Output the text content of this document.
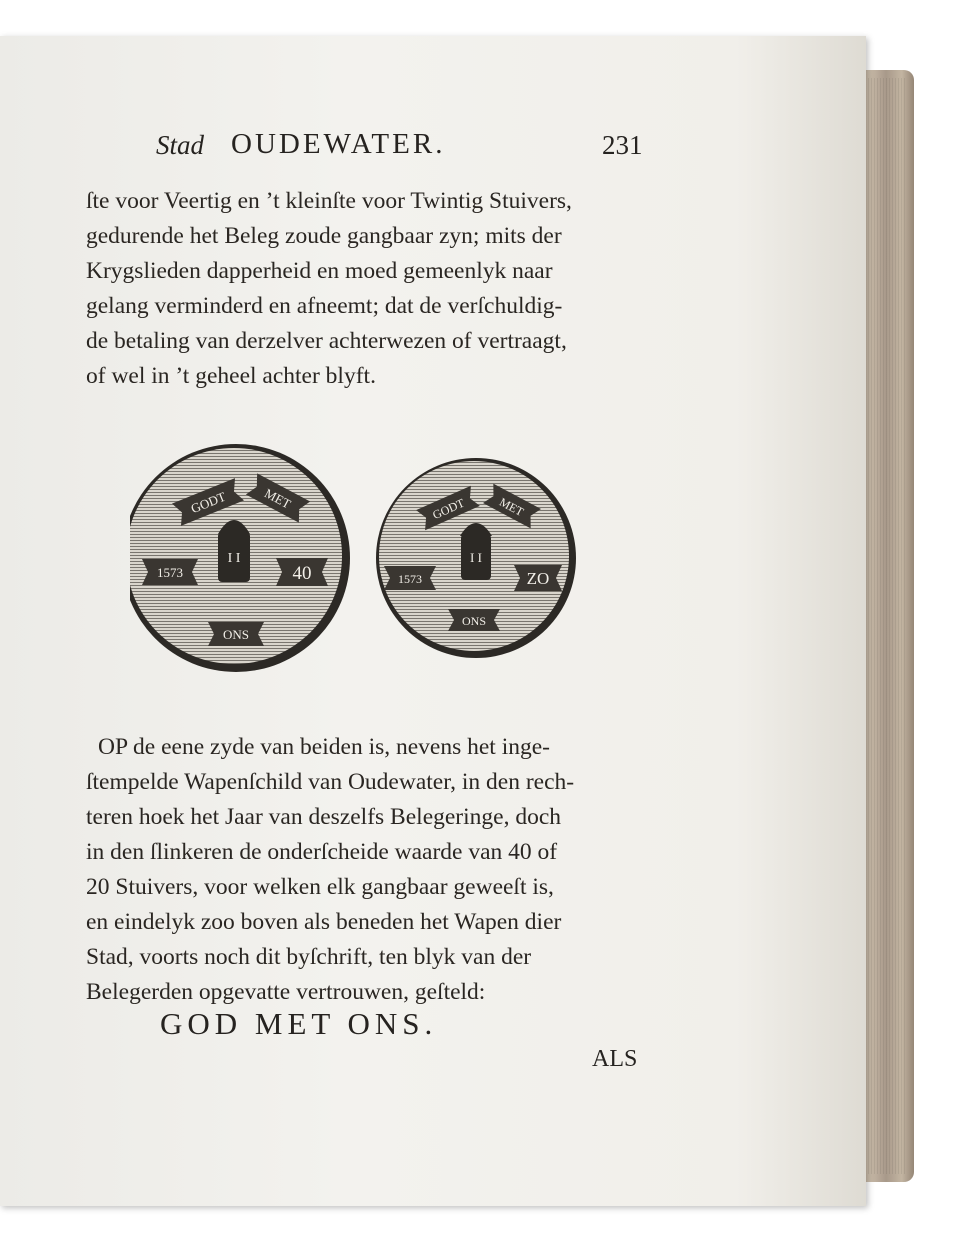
Stad OUDEWATER.	231
ſte voor Veertig en ’t kleinſte voor Twintig Stuivers,
gedurende het Beleg zoude gangbaar zyn; mits der
Krygslieden dapperheid en moed gemeenlyk naar
gelang verminderd en afneemt; dat de verſchuldig-
de betaling van derzelver achterwezen of vertraagt,
of wel in ’t geheel achter blyft.
GODT	MET
I I
1573	40
ONS
GODT	MET
I I
1573	ZO
ONS
OP de eene zyde van beiden is, nevens het inge-
ſtempelde Wapenſchild van Oudewater, in den rech-
teren hoek het Jaar van deszelfs Belegeringe, doch
in den ſlinkeren de onderſcheide waarde van 40 of
20 Stuivers, voor welken elk gangbaar geweeſt is,
en eindelyk zoo boven als beneden het Wapen dier
Stad, voorts noch dit byſchrift, ten blyk van der
Belegerden opgevatte vertrouwen, geſteld:
GOD MET ONS.
ALS
